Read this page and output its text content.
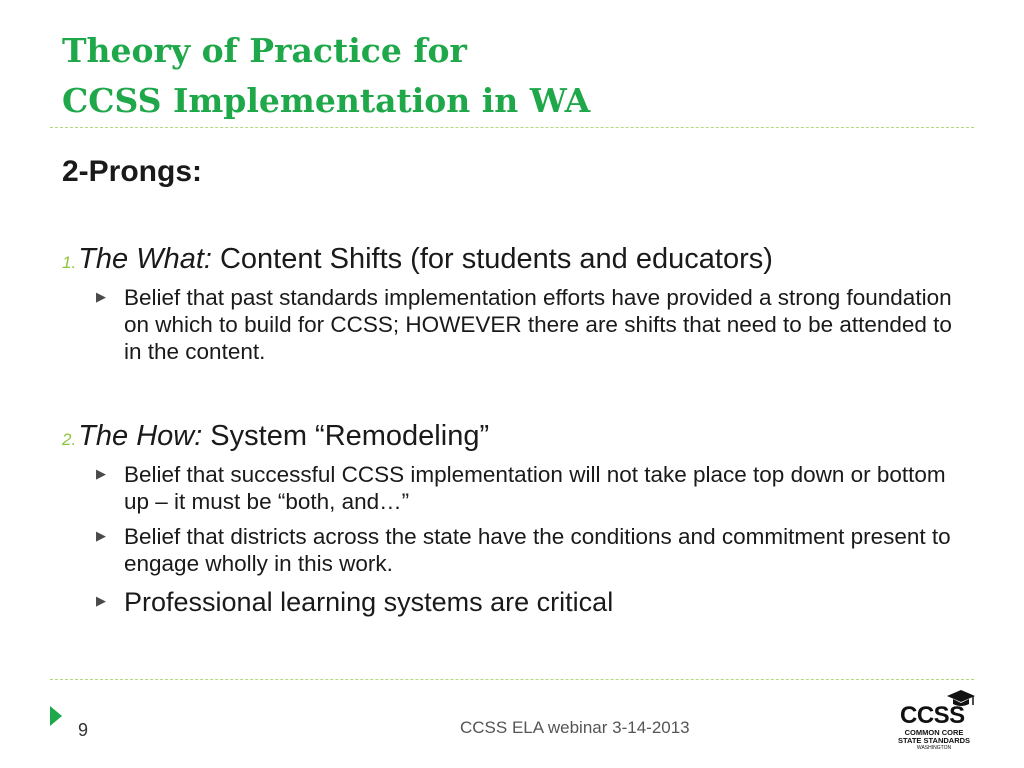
Theory of Practice for
CCSS Implementation in WA
2-Prongs:
1. The What: Content Shifts (for students and educators)
▶ Belief that past standards implementation efforts have provided a strong foundation on which to build for CCSS; HOWEVER there are shifts that need to be attended to in the content.
2. The How: System “Remodeling”
▶ Belief that successful CCSS implementation will not take place top down or bottom up – it must be “both, and…”
▶ Belief that districts across the state have the conditions and commitment present to engage wholly in this work.
▶ Professional learning systems are critical
9	CCSS ELA webinar 3-14-2013	CCSS
COMMON CORE
STATE STANDARDS
WASHINGTON
